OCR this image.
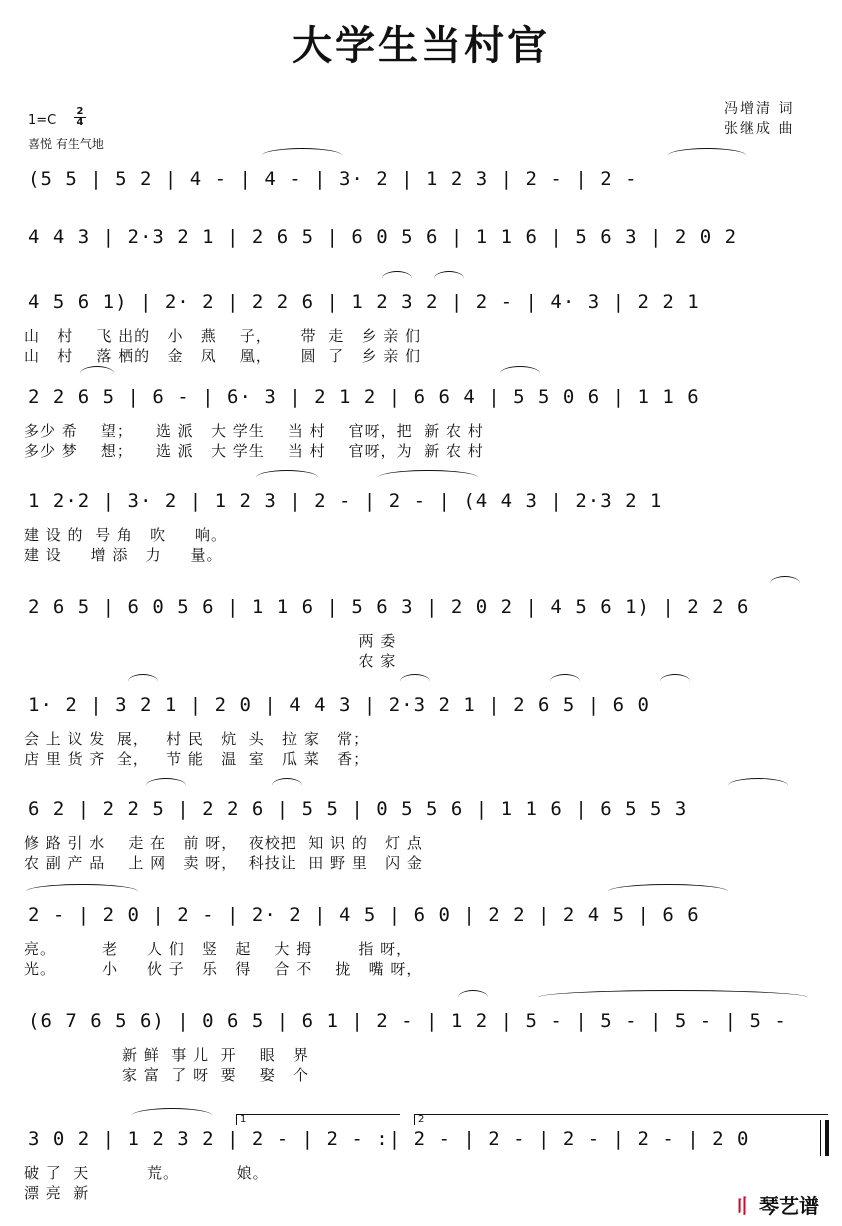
大学生当村官
冯增清 词
张继成 曲
1=C
2
4
喜悦 有生气地
(5 5 | 5 2 | 4 - | 4 - | 3· 2 | 1 2 3 | 2 - | 2 -
4 4 3 | 2·3 2 1 | 2 6 5 | 6 0 5 6 | 1 1 6 | 5 6 3 | 2 0 2
4 5 6 1) | 2· 2 | 2 2 6 | 1 2 3 2 | 2 - | 4· 3 | 2 2 1
山   村    飞 出的   小   燕    子，     带  走   乡 亲 们
山   村    落 栖的   金   凤    凰，     圆  了   乡 亲 们
2 2 6 5 | 6 - | 6· 3 | 2 1 2 | 6 6 4 | 5 5 0 6 | 1 1 6
多少 希    望；    选 派   大 学生    当 村    官呀，把  新 农 村
多少 梦    想；    选 派   大 学生    当 村    官呀，为  新 农 村
1 2·2 | 3· 2 | 1 2 3 | 2 - | 2 - | (4 4 3 | 2·3 2 1
建 设 的  号 角   吹     响。
建 设     增 添   力     量。
2 6 5 | 6 0 5 6 | 1 1 6 | 5 6 3 | 2 0 2 | 4 5 6 1) | 2 2 6
两 委
农 家
1· 2 | 3 2 1 | 2 0 | 4 4 3 | 2·3 2 1 | 2 6 5 | 6 0
会 上 议 发  展，   村 民   炕  头   拉 家   常；
店 里 货 齐  全，   节 能   温  室   瓜 菜   香；
6 2 | 2 2 5 | 2 2 6 | 5 5 | 0 5 5 6 | 1 1 6 | 6 5 5 3
修 路 引 水    走 在   前 呀，  夜校把  知 识 的   灯 点
农 副 产 品    上 网   卖 呀，  科技让  田 野 里   闪 金
2 - | 2 0 | 2 - | 2· 2 | 4 5 | 6 0 | 2 2 | 2 4 5 | 6 6
亮。        老     人 们   竖   起    大 拇        指 呀，
光。        小     伙 子   乐   得    合 不    拢   嘴 呀，
(6 7 6 5 6) | 0 6 5 | 6 1 | 2 - | 1 2 | 5 - | 5 - | 5 - | 5 -
新 鲜  事 儿  开    眼   界
家 富  了 呀  要    娶   个
1	2
3 0 2 | 1 2 3 2 | 2 - | 2 - :| 2 - | 2 - | 2 - | 2 - | 2 0
破 了  天          荒。          娘。
漂 亮  新
〢 琴艺谱
